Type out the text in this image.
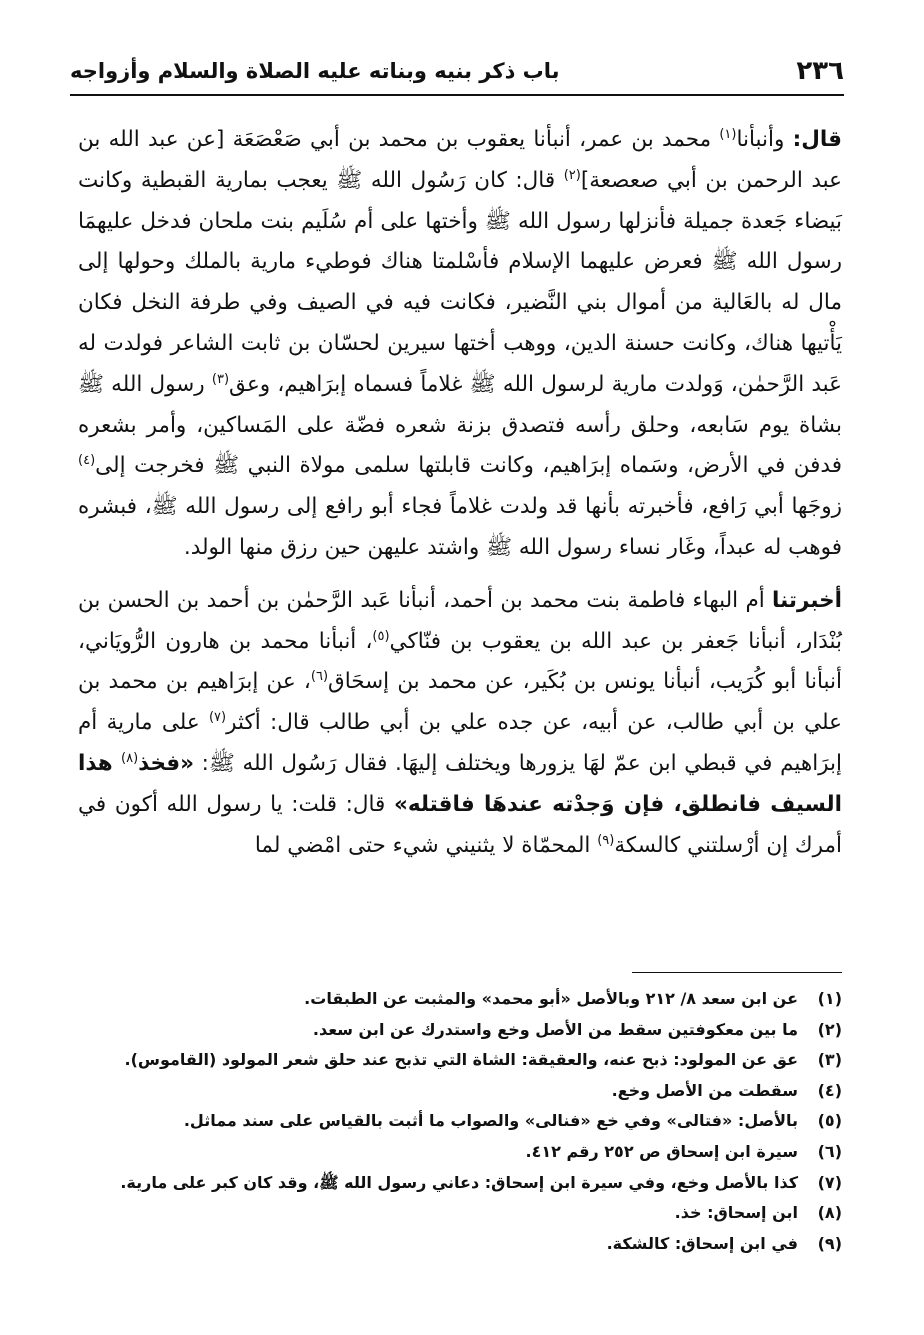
٢٣٦
باب ذكر بنيه وبناته عليه الصلاة والسلام وأزواجه

قال: وأنبأنا$^{(١)}$ محمد بن عمر، أنبأنا يعقوب بن محمد بن أبي صَعْصَعَة [عن عبد الله بن عبد الرحمن بن أبي صعصعة]$^{(٢)}$ قال: كان رَسُول الله ﷺ يعجب بمارية القبطية وكانت بَيضاء جَعدة جميلة فأنزلها رسول الله ﷺ وأختها على أم سُلَيم بنت ملحان فدخل عليهمَا رسول الله ﷺ فعرض عليهما الإسلام فأسْلمتا هناك فوطيء مارية بالملك وحولها إلى مال له بالعَالية من أموال بني النَّضير، فكانت فيه في الصيف وفي طرفة النخل فكان يَأْتيها هناك، وكانت حسنة الدين، ووهب أختها سيرين لحسّان بن ثابت الشاعر فولدت له عَبد الرَّحمٰن، وَولدت مارية لرسول الله ﷺ غلاماً فسماه إبرَاهيم، وعق$^{(٣)}$ رسول الله ﷺ بشاة يوم سَابعه، وحلق رأسه فتصدق بزنة شعره فضّة على المَساكين، وأمر بشعره فدفن في الأرض، وسَماه إبرَاهيم، وكانت قابلتها سلمى مولاة النبي ﷺ فخرجت إلى$^{(٤)}$ زوجَها أبي رَافع، فأخبرته بأنها قد ولدت غلاماً فجاء أبو رافع إلى رسول الله ﷺ، فبشره فوهب له عبداً، وغَار نساء رسول الله ﷺ واشتد عليهن حين رزق منها الولد.

أخبرتنا أم البهاء فاطمة بنت محمد بن أحمد، أنبأنا عَبد الرَّحمٰن بن أحمد بن الحسن بن بُنْدَار، أنبأنا جَعفر بن عبد الله بن يعقوب بن فنّاكي$^{(٥)}$، أنبأنا محمد بن هارون الرُّويَاني، أنبأنا أبو كُرَيب، أنبأنا يونس بن بُكَير، عن محمد بن إسحَاق$^{(٦)}$، عن إبرَاهيم بن محمد بن علي بن أبي طالب، عن أبيه، عن جده علي بن أبي طالب قال: أكثر$^{(٧)}$ على مارية أم إبرَاهيم في قبطي ابن عمّ لهَا يزورها ويختلف إليهَا. فقال رَسُول الله ﷺ: «فخذ$^{(٨)}$ هذا السيف فانطلق، فإن وَجدْته عندهَا فاقتله» قال: قلت: يا رسول الله أكون في أمرك إن أرْسلتني كالسكة$^{(٩)}$ المحمّاة لا يثنيني شيء حتى امْضي لما

(١)
عن ابن سعد ٨/ ٢١٢ وبالأصل «أبو محمد» والمثبت عن الطبقات.
(٢)
ما بين معكوفتين سقط من الأصل وخع واستدرك عن ابن سعد.
(٣)
عق عن المولود: ذبح عنه، والعقيقة: الشاة التي تذبح عند حلق شعر المولود (القاموس).
(٤)
سقطت من الأصل وخع.
(٥)
بالأصل: «فتالى» وفي خع «فنالى» والصواب ما أثبت بالقياس على سند مماثل.
(٦)
سيرة ابن إسحاق ص ٢٥٢ رقم ٤١٢.
(٧)
كذا بالأصل وخع، وفي سيرة ابن إسحاق: دعاني رسول الله ﷺ، وقد كان كبر على مارية.
(٨)
ابن إسحاق: خذ.
(٩)
في ابن إسحاق: كالشكة.
